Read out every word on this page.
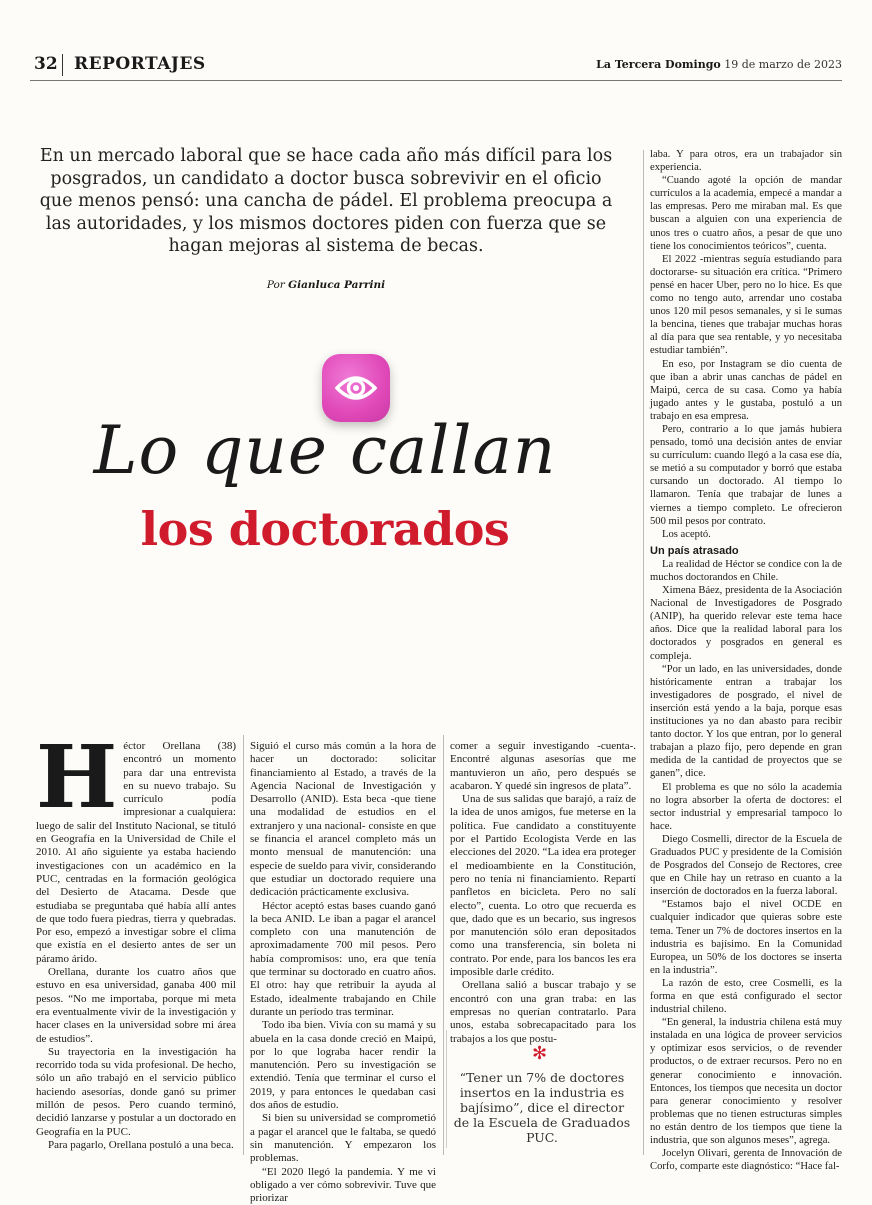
32 REPORTAJES	La Tercera Domingo 19 de marzo de 2023
En un mercado laboral que se hace cada año más difícil para los posgrados, un candidato a doctor busca sobrevivir en el oficio que menos pensó: una cancha de pádel. El problema preocupa a las autoridades, y los mismos doctores piden con fuerza que se hagan mejoras al sistema de becas.
Por Gianluca Parrini
Lo que callan
los doctorados
H éctor Orellana (38) encontró un momento para dar una entrevista en su nuevo trabajo. Su currículo podía impresionar a cualquiera: luego de salir del Instituto Nacional, se tituló en Geografía en la Universidad de Chile el 2010. Al año siguiente ya estaba haciendo investigaciones con un académico en la PUC, centradas en la formación geológica del Desierto de Atacama. Desde que estudiaba se preguntaba qué había allí antes de que todo fuera piedras, tierra y quebradas. Por eso, empezó a investigar sobre el clima que existía en el desierto antes de ser un páramo árido.

Orellana, durante los cuatro años que estuvo en esa universidad, ganaba 400 mil pesos. “No me importaba, porque mi meta era eventualmente vivir de la investigación y hacer clases en la universidad sobre mi área de estudios”.

Su trayectoria en la investigación ha recorrido toda su vida profesional. De hecho, sólo un año trabajó en el servicio público haciendo asesorías, donde ganó su primer millón de pesos. Pero cuando terminó, decidió lanzarse y postular a un doctorado en Geografía en la PUC.

Para pagarlo, Orellana postuló a una beca.

Siguió el curso más común a la hora de hacer un doctorado: solicitar financiamiento al Estado, a través de la Agencia Nacional de Investigación y Desarrollo (ANID). Esta beca -que tiene una modalidad de estudios en el extranjero y una nacional- consiste en que se financia el arancel completo más un monto mensual de manutención: una especie de sueldo para vivir, considerando que estudiar un doctorado requiere una dedicación prácticamente exclusiva.

Héctor aceptó estas bases cuando ganó la beca ANID. Le iban a pagar el arancel completo con una manutención de aproximadamente 700 mil pesos. Pero había compromisos: uno, era que tenía que terminar su doctorado en cuatro años. El otro: hay que retribuir la ayuda al Estado, idealmente trabajando en Chile durante un período tras terminar.

Todo iba bien. Vivía con su mamá y su abuela en la casa donde creció en Maipú, por lo que lograba hacer rendir la manutención. Pero su investigación se extendió. Tenía que terminar el curso el 2019, y para entonces le quedaban casi dos años de estudio.

Si bien su universidad se comprometió a pagar el arancel que le faltaba, se quedó sin manutención. Y empezaron los problemas.

“El 2020 llegó la pandemia. Y me vi obligado a ver cómo sobrevivir. Tuve que priorizar

comer a seguir investigando -cuenta-. Encontré algunas asesorías que me mantuvieron un año, pero después se acabaron. Y quedé sin ingresos de plata”.

Una de sus salidas que barajó, a raíz de la idea de unos amigos, fue meterse en la política. Fue candidato a constituyente por el Partido Ecologista Verde en las elecciones del 2020. “La idea era proteger el medioambiente en la Constitución, pero no tenía ni financiamiento. Repartí panfletos en bicicleta. Pero no salí electo”, cuenta. Lo otro que recuerda es que, dado que es un becario, sus ingresos por manutención sólo eran depositados como una transferencia, sin boleta ni contrato. Por ende, para los bancos les era imposible darle crédito.

Orellana salió a buscar trabajo y se encontró con una gran traba: en las empresas no querían contratarlo. Para unos, estaba sobrecapacitado para los trabajos a los que postu-

✻
“Tener un 7% de doctores insertos en la industria es bajísimo”, dice el director de la Escuela de Graduados PUC.

laba. Y para otros, era un trabajador sin experiencia.

“Cuando agoté la opción de mandar currículos a la academia, empecé a mandar a las empresas. Pero me miraban mal. Es que buscan a alguien con una experiencia de unos tres o cuatro años, a pesar de que uno tiene los conocimientos teóricos”, cuenta.

El 2022 -mientras seguía estudiando para doctorarse- su situación era crítica. “Primero pensé en hacer Uber, pero no lo hice. Es que como no tengo auto, arrendar uno costaba unos 120 mil pesos semanales, y si le sumas la bencina, tienes que trabajar muchas horas al día para que sea rentable, y yo necesitaba estudiar también”.

En eso, por Instagram se dio cuenta de que iban a abrir unas canchas de pádel en Maipú, cerca de su casa. Como ya había jugado antes y le gustaba, postuló a un trabajo en esa empresa.

Pero, contrario a lo que jamás hubiera pensado, tomó una decisión antes de enviar su currículum: cuando llegó a la casa ese día, se metió a su computador y borró que estaba cursando un doctorado. Al tiempo lo llamaron. Tenía que trabajar de lunes a viernes a tiempo completo. Le ofrecieron 500 mil pesos por contrato.

Los aceptó.

Un país atrasado

La realidad de Héctor se condice con la de muchos doctorandos en Chile.

Ximena Báez, presidenta de la Asociación Nacional de Investigadores de Posgrado (ANIP), ha querido relevar este tema hace años. Dice que la realidad laboral para los doctorados y posgrados en general es compleja.

“Por un lado, en las universidades, donde históricamente entran a trabajar los investigadores de posgrado, el nivel de inserción está yendo a la baja, porque esas instituciones ya no dan abasto para recibir tanto doctor. Y los que entran, por lo general trabajan a plazo fijo, pero depende en gran medida de la cantidad de proyectos que se ganen”, dice.

El problema es que no sólo la academia no logra absorber la oferta de doctores: el sector industrial y empresarial tampoco lo hace.

Diego Cosmelli, director de la Escuela de Graduados PUC y presidente de la Comisión de Posgrados del Consejo de Rectores, cree que en Chile hay un retraso en cuanto a la inserción de doctorados en la fuerza laboral.

“Estamos bajo el nivel OCDE en cualquier indicador que quieras sobre este tema. Tener un 7% de doctores insertos en la industria es bajísimo. En la Comunidad Europea, un 50% de los doctores se inserta en la industria”.

La razón de esto, cree Cosmelli, es la forma en que está configurado el sector industrial chileno.

“En general, la industria chilena está muy instalada en una lógica de proveer servicios y optimizar esos servicios, o de revender productos, o de extraer recursos. Pero no en generar conocimiento e innovación. Entonces, los tiempos que necesita un doctor para generar conocimiento y resolver problemas que no tienen estructuras simples no están dentro de los tiempos que tiene la industria, que son algunos meses”, agrega.

Jocelyn Olivari, gerenta de Innovación de Corfo, comparte este diagnóstico: “Hace fal-
